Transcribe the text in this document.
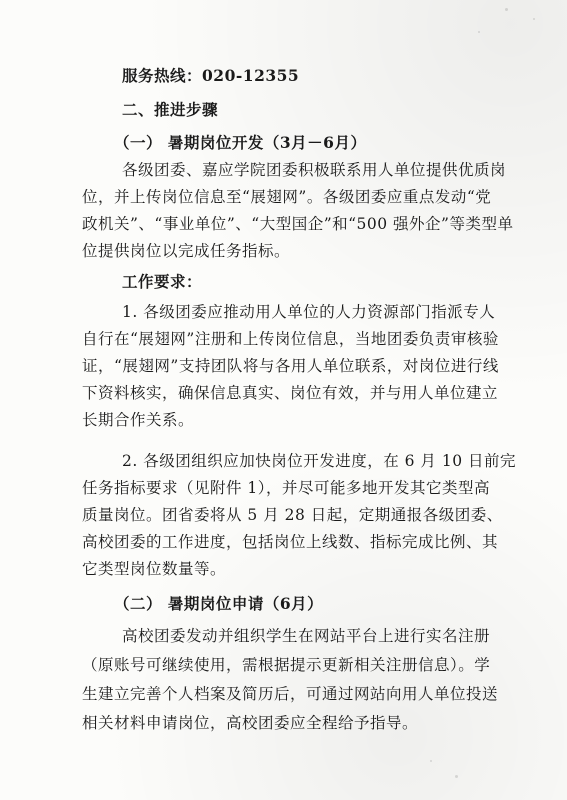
服务热线：020-12355
二、推进步骤
（一） 暑期岗位开发（3月－6月）
各级团委、嘉应学院团委积极联系用人单位提供优质岗
位，并上传岗位信息至“展翅网”。各级团委应重点发动“党
政机关”、“事业单位”、“大型国企”和“500 强外企”等类型单
位提供岗位以完成任务指标。
工作要求：
1. 各级团委应推动用人单位的人力资源部门指派专人
自行在“展翅网”注册和上传岗位信息，当地团委负责审核验
证，“展翅网”支持团队将与各用人单位联系，对岗位进行线
下资料核实，确保信息真实、岗位有效，并与用人单位建立
长期合作关系。
2. 各级团组织应加快岗位开发进度，在 6 月 10 日前完
任务指标要求（见附件 1），并尽可能多地开发其它类型高
质量岗位。团省委将从 5 月 28 日起，定期通报各级团委、
高校团委的工作进度，包括岗位上线数、指标完成比例、其
它类型岗位数量等。
（二） 暑期岗位申请（6月）
高校团委发动并组织学生在网站平台上进行实名注册
（原账号可继续使用，需根据提示更新相关注册信息）。学
生建立完善个人档案及简历后，可通过网站向用人单位投送
相关材料申请岗位，高校团委应全程给予指导。
